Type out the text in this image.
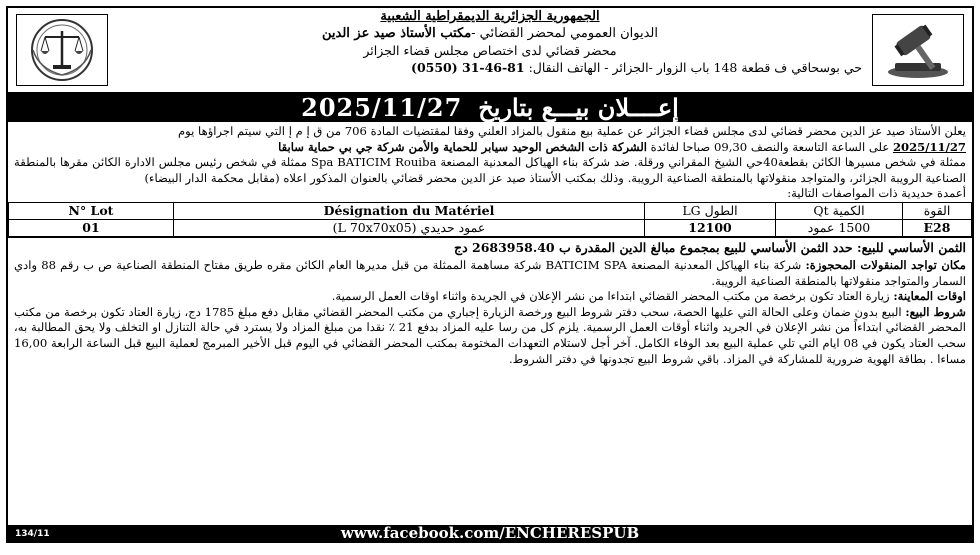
الجمهورية الجزائرية الديمقراطية الشعبية
الديوان العمومي لمحضر القضائي -مكتب الأستاذ صيد عز الدين
محضر قضائي لدى اختصاص مجلس قضاء الجزائر
حي بوسحاقي ف قطعة 148 باب الزوار -الجزائر - الهاتف النقال: (0550) 31-46-81
إعــــلان بيـــع بتاريخ
2025/11/27

يعلن الأستاذ صيد عز الدين محضر قضائي لدى مجلس قضاء الجزائر عن عملية بيع منقول بالمزاد العلني وفقا لمقتضيات المادة 706 من ق إ م إ التي سيتم اجراؤها يوم

2025/11/27 على الساعة التاسعة والنصف 09,30 صباحا لفائدة الشركة ذات الشخص الوحيد سيابر للحماية والأمن شركة جي بي حماية سابقا

ممثلة في شخص مسيرها الكائن بقطعة40حي الشيخ المقراني ورقلة. ضد شركة بناء الهياكل المعدنية المصنعة Spa BATICIM Rouiba ممثلة في شخص رئيس مجلس الادارة الكائن مقرها بالمنطقة الصناعية الرويبة الجزائر، والمتواجد منقولاتها بالمنطقة الصناعية الرويبة. وذلك بمكتب الأستاذ صيد عز الدين محضر قضائي بالعنوان المذكور اعلاه (مقابل محكمة الدار البيضاء)

أعمدة حديدية ذات المواصفات التالية:

القوة	الكمية Qt	الطول LG	Désignation du Matériel	N° Lot
E28	1500 عمود	12100	عمود حديدي (L 70x70x05)	01
الثمن الأساسي للبيع: حدد الثمن الأساسي للبيع بمجموع مبالغ الدين المقدرة ب 2683958.40 دج

مكان تواجد المنقولات المحجوزة: شركة بناء الهياكل المعدنية المصنعة BATICIM SPA شركة مساهمة الممثلة من قبل مديرها العام الكائن مقره طريق مفتاح المنطقة الصناعية ص ب رقم 88 وادي السمار والمتواجد منقولاتها بالمنطقة الصناعية الرويبة.

اوقات المعاينة: زيارة العتاد تكون برخصة من مكتب المحضر القضائي ابتداءا من نشر الإعلان في الجريدة واثناء اوقات العمل الرسمية.

شروط البيع: البيع بدون ضمان وعلى الحالة التي عليها الحصة، سحب دفتر شروط البيع ورخصة الزيارة إجباري من مكتب المحضر القضائي مقابل دفع مبلغ 1785 دج، زيارة العتاد تكون برخصة من مكتب المحضر القضائي ابتداءاً من نشر الإعلان في الجريد واثناء أوقات العمل الرسمية. يلزم كل من رسا عليه المزاد بدفع 21 ٪ نقدا من مبلغ المزاد ولا يسترد في حالة التنازل او التخلف ولا يحق المطالبة به، سحب العتاد يكون في 08 ايام التي تلي عملية البيع بعد الوفاء الكامل. آخر أجل لاستلام التعهدات المختومة بمكتب المحضر القضائي في اليوم قبل الأخير المبرمج لعملية البيع قبل الساعة الرابعة 16,00 مساءا . بطاقة الهوية ضرورية للمشاركة في المزاد. باقي شروط البيع تجدونها في دفتر الشروط.

www.facebook.com/ENCHERESPUB
134/11
